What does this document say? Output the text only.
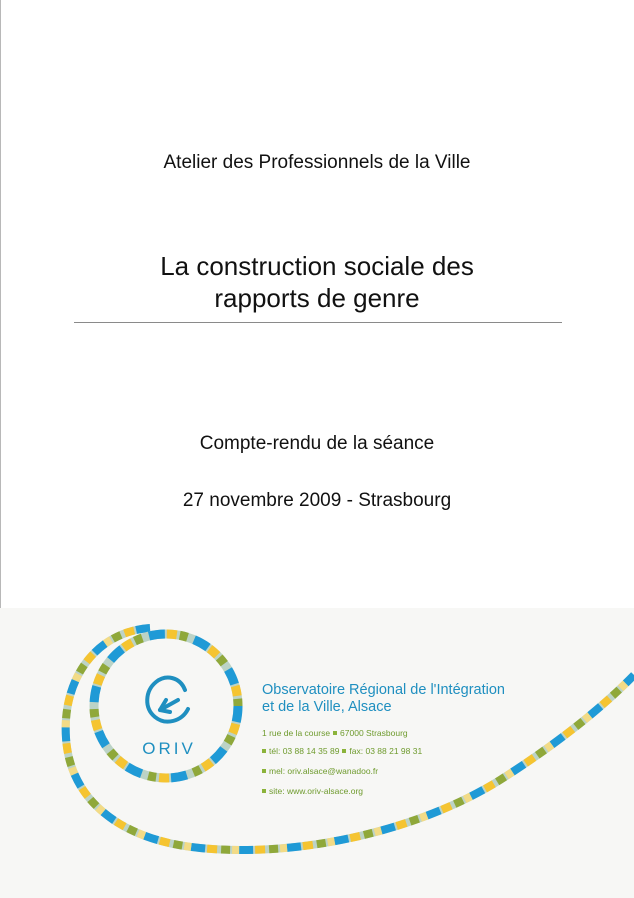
Atelier des Professionnels de la Ville
La construction sociale des
rapports de genre
Compte-rendu de la séance
27 novembre 2009 - Strasbourg
ORIV
Observatoire Régional de l'Intégration
et de la Ville, Alsace
1 rue de la course 67000 Strasbourg
tél: 03 88 14 35 89 fax: 03 88 21 98 31
mel: oriv.alsace@wanadoo.fr
site: www.oriv-alsace.org
